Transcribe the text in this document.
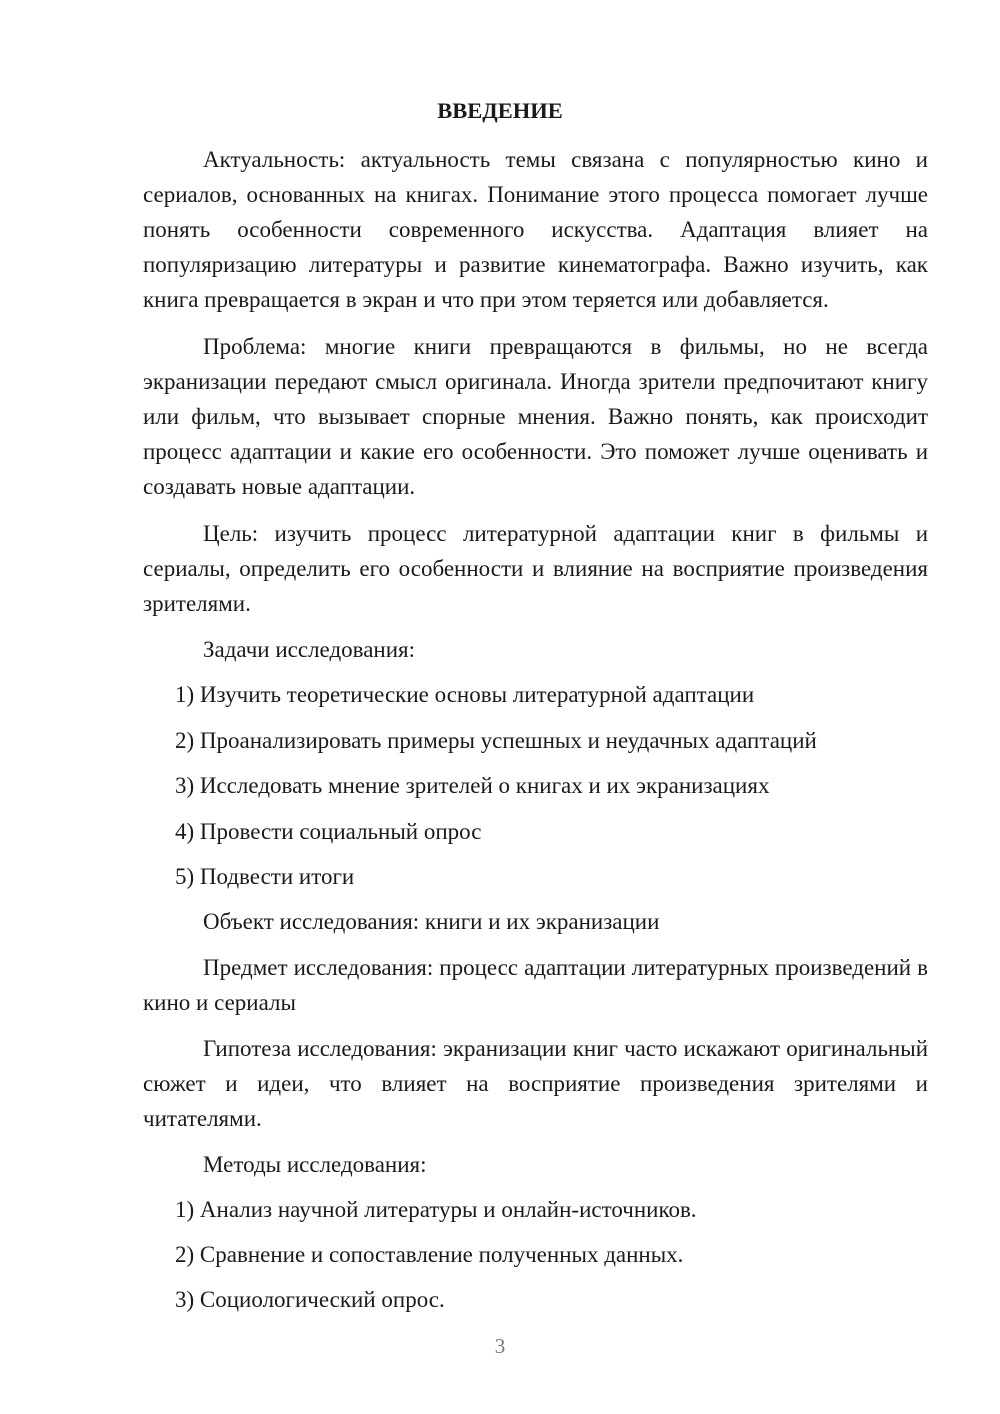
ВВЕДЕНИЕ

Актуальность: актуальность темы связана с популярностью кино и сериалов, основанных на книгах. Понимание этого процесса помогает лучше понять особенности современного искусства. Адаптация влияет на популяризацию литературы и развитие кинематографа. Важно изучить, как книга превращается в экран и что при этом теряется или добавляется.

Проблема: многие книги превращаются в фильмы, но не всегда экранизации передают смысл оригинала. Иногда зрители предпочитают книгу или фильм, что вызывает спорные мнения. Важно понять, как происходит процесс адаптации и какие его особенности. Это поможет лучше оценивать и создавать новые адаптации.

Цель: изучить процесс литературной адаптации книг в фильмы и сериалы, определить его особенности и влияние на восприятие произведения зрителями.

Задачи исследования:

1) Изучить теоретические основы литературной адаптации

2) Проанализировать примеры успешных и неудачных адаптаций

3) Исследовать мнение зрителей о книгах и их экранизациях

4) Провести социальный опрос

5) Подвести итоги

Объект исследования: книги и их экранизации

Предмет исследования: процесс адаптации литературных произведений в кино и сериалы

Гипотеза исследования: экранизации книг часто искажают оригинальный сюжет и идеи, что влияет на восприятие произведения зрителями и читателями.

Методы исследования:

1) Анализ научной литературы и онлайн-источников.

2) Сравнение и сопоставление полученных данных.

3) Социологический опрос.

3
